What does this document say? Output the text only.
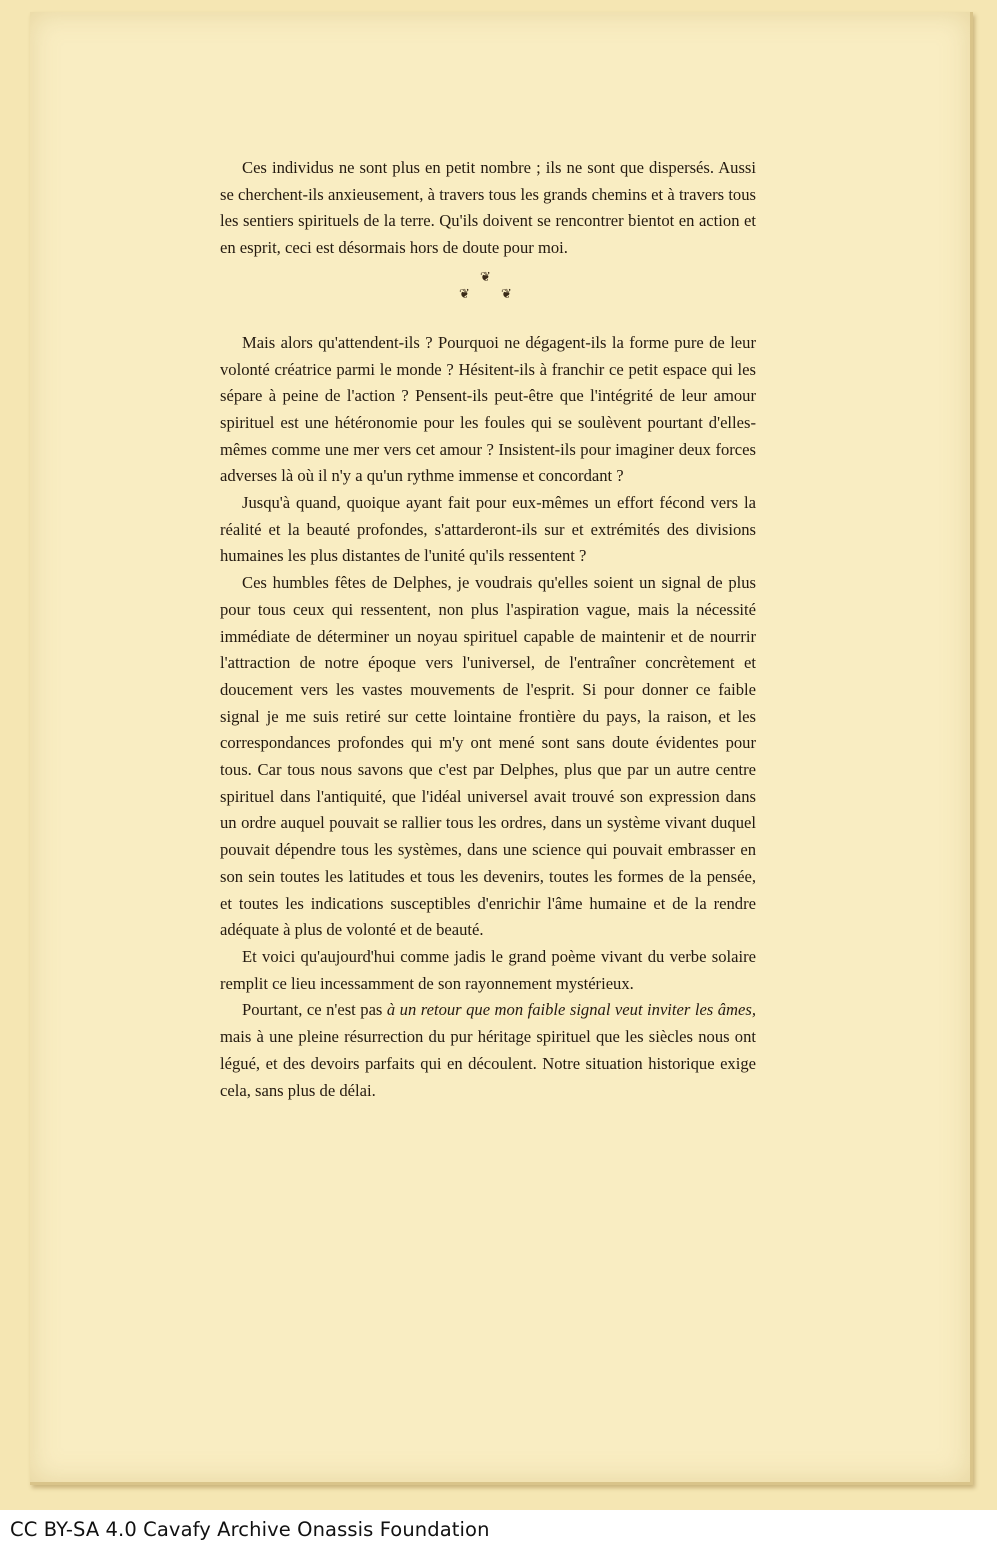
Ces individus ne sont plus en petit nombre ; ils ne sont que dispersés. Aussi se cherchent-ils anxieusement, à travers tous les grands chemins et à travers tous les sentiers spirituels de la terre. Qu'ils doivent se rencontrer bientot en action et en esprit, ceci est désormais hors de doute pour moi.

❦
❦ ❦

Mais alors qu'attendent-ils ? Pourquoi ne dégagent-ils la forme pure de leur volonté créatrice parmi le monde ? Hésitent-ils à franchir ce petit espace qui les sépare à peine de l'action ? Pensent-ils peut-être que l'intégrité de leur amour spirituel est une hétéronomie pour les foules qui se soulèvent pourtant d'elles-mêmes comme une mer vers cet amour ? Insistent-ils pour imaginer deux forces adverses là où il n'y a qu'un rythme immense et concordant ?

Jusqu'à quand, quoique ayant fait pour eux-mêmes un effort fécond vers la réalité et la beauté profondes, s'attarderont-ils sur et extrémités des divisions humaines les plus distantes de l'unité qu'ils ressentent ?

Ces humbles fêtes de Delphes, je voudrais qu'elles soient un signal de plus pour tous ceux qui ressentent, non plus l'aspiration vague, mais la nécessité immédiate de déterminer un noyau spirituel capable de maintenir et de nourrir l'attraction de notre époque vers l'universel, de l'entraîner concrètement et doucement vers les vastes mouvements de l'esprit. Si pour donner ce faible signal je me suis retiré sur cette lointaine frontière du pays, la raison, et les correspondances profondes qui m'y ont mené sont sans doute évidentes pour tous. Car tous nous savons que c'est par Delphes, plus que par un autre centre spirituel dans l'antiquité, que l'idéal universel avait trouvé son expression dans un ordre auquel pouvait se rallier tous les ordres, dans un système vivant duquel pouvait dépendre tous les systèmes, dans une science qui pouvait embrasser en son sein toutes les latitudes et tous les devenirs, toutes les formes de la pensée, et toutes les indications susceptibles d'enrichir l'âme humaine et de la rendre adéquate à plus de volonté et de beauté.

Et voici qu'aujourd'hui comme jadis le grand poème vivant du verbe solaire remplit ce lieu incessamment de son rayonnement mystérieux.

Pourtant, ce n'est pas à un retour que mon faible signal veut inviter les âmes, mais à une pleine résurrection du pur héritage spirituel que les siècles nous ont légué, et des devoirs parfaits qui en découlent. Notre situation historique exige cela, sans plus de délai.

CC BY-SA 4.0 Cavafy Archive Onassis Foundation
